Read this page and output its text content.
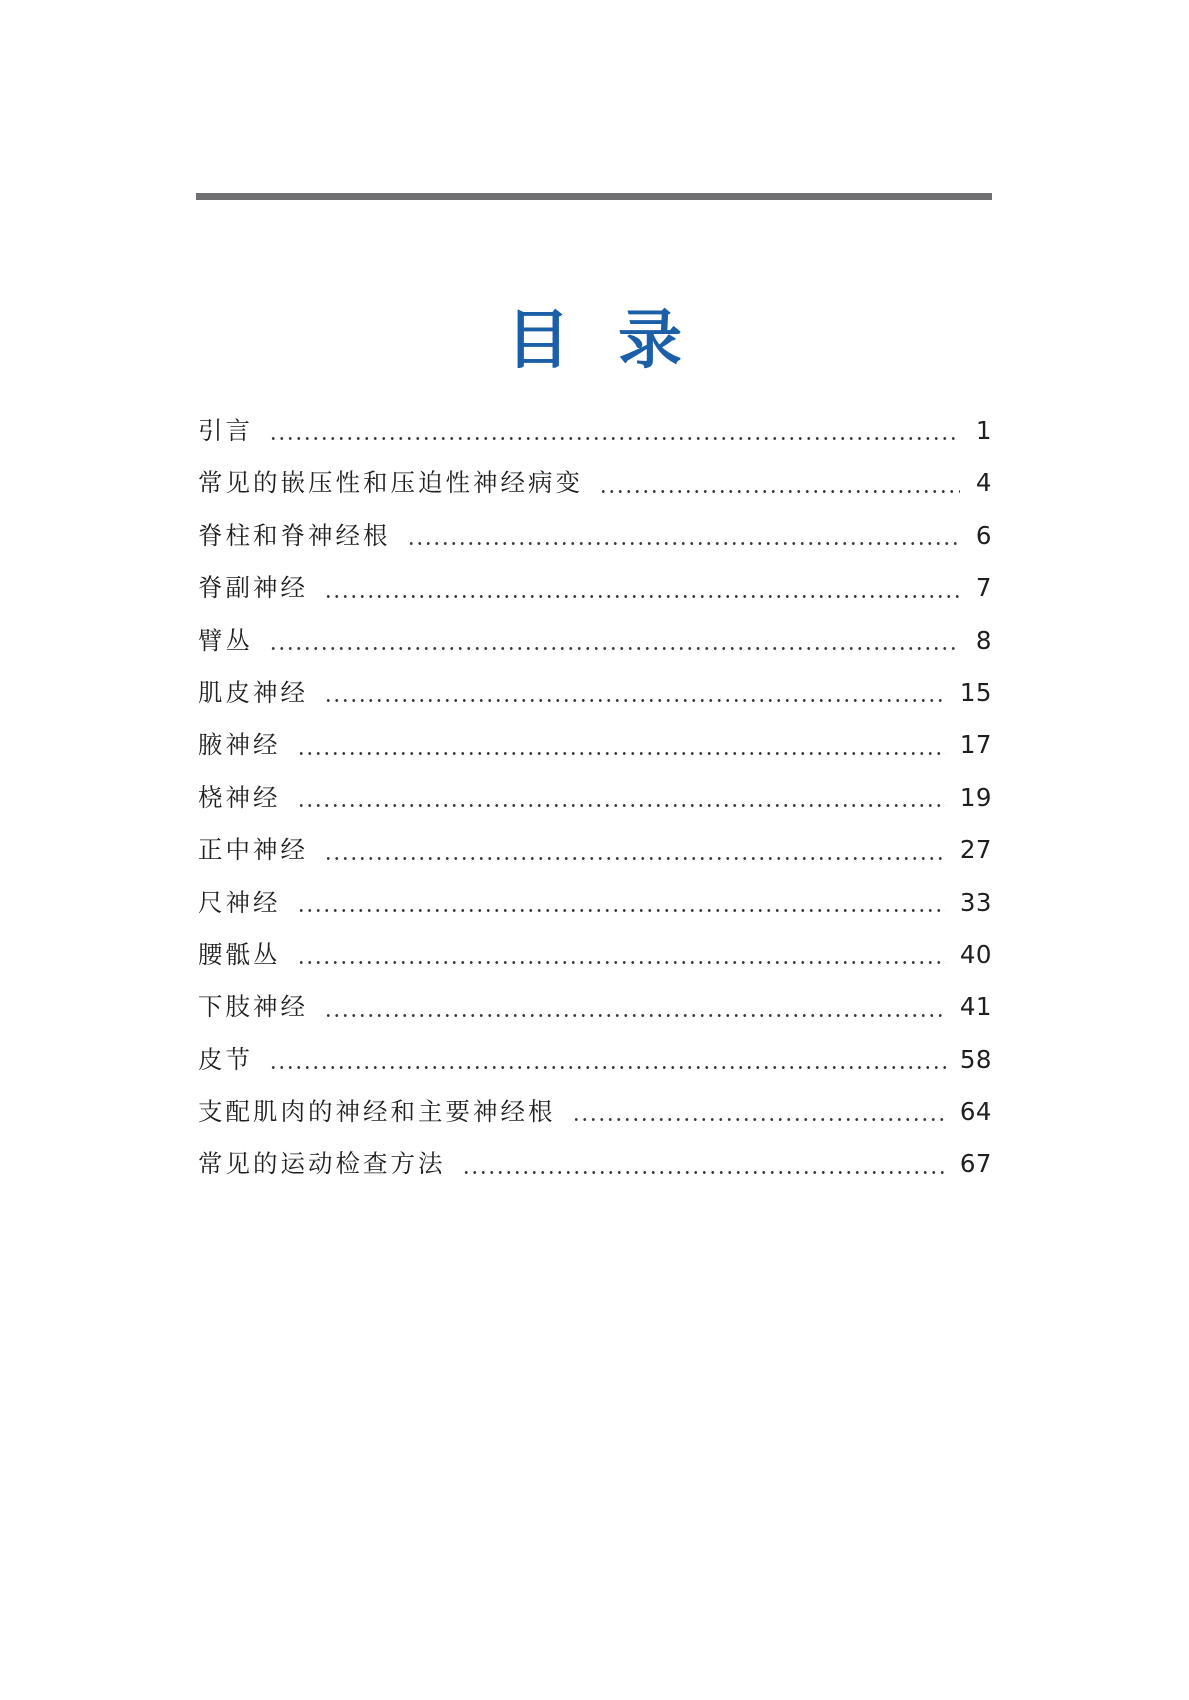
目录
引言	1
常见的嵌压性和压迫性神经病变	4
脊柱和脊神经根	6
脊副神经	7
臂丛	8
肌皮神经	15
腋神经	17
桡神经	19
正中神经	27
尺神经	33
腰骶丛	40
下肢神经	41
皮节	58
支配肌肉的神经和主要神经根	64
常见的运动检查方法	67
